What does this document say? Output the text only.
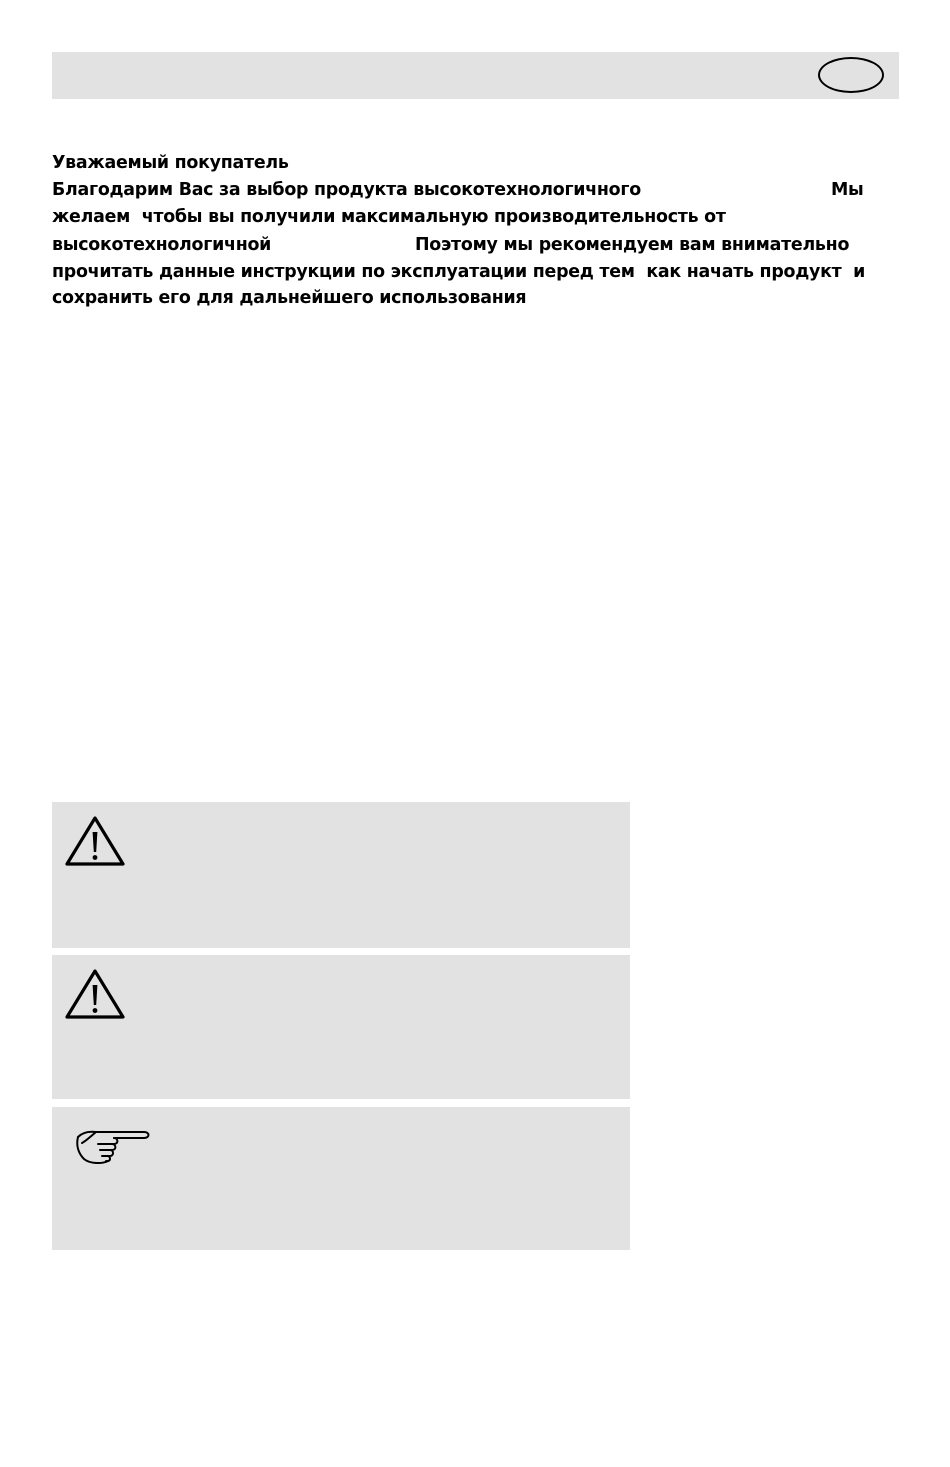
Уважаемый покупатель
Благодарим Вас за выбор продукта высокотехнологичного	Мы
желаем  чтобы вы получили максимальную производительность от
высокотехнологичной	Поэтому мы рекомендуем вам внимательно
прочитать данные инструкции по эксплуатации перед тем  как начать продукт  и
сохранить его для дальнейшего использования
